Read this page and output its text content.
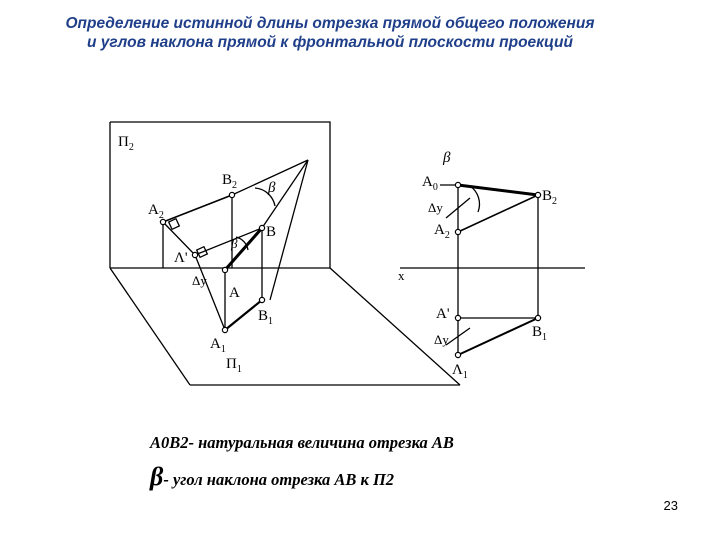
Определение истинной длины отрезка прямой общего положения
и углов наклона прямой к фронтальной плоскости проекций
$П_2$
$В_2$
$А_2$
β
В
Λ'
β
Δу
А
$В_1$
$А_1$
$П_1$
β
$А_0$
Δу
$В_2$
$А_2$
х
А'
Δу	$В_1$
$\Lambda_1$
А0В2- натуральная величина отрезка АВ
β- угол наклона отрезка АВ к П2
23
